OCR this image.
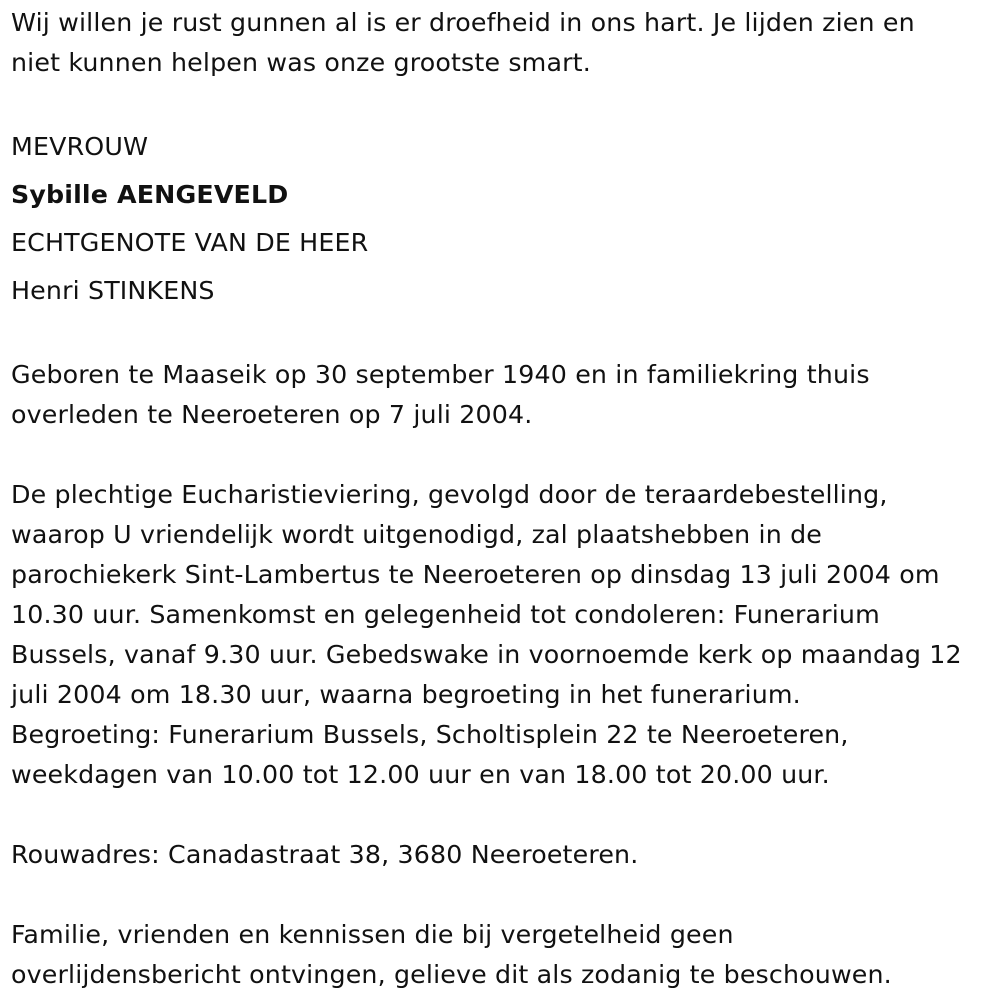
Wij willen je rust gunnen al is er droefheid in ons hart. Je lijden zien en

niet kunnen helpen was onze grootste smart.

MEVROUW

Sybille AENGEVELD

ECHTGENOTE VAN DE HEER

Henri STINKENS

Geboren te Maaseik op 30 september 1940 en in familiekring thuis

overleden te Neeroeteren op 7 juli 2004.

De plechtige Eucharistieviering, gevolgd door de teraardebestelling,

waarop U vriendelijk wordt uitgenodigd, zal plaatshebben in de

parochiekerk Sint-Lambertus te Neeroeteren op dinsdag 13 juli 2004 om

10.30 uur. Samenkomst en gelegenheid tot condoleren: Funerarium

Bussels, vanaf 9.30 uur. Gebedswake in voornoemde kerk op maandag 12

juli 2004 om 18.30 uur, waarna begroeting in het funerarium.

Begroeting: Funerarium Bussels, Scholtisplein 22 te Neeroeteren,

weekdagen van 10.00 tot 12.00 uur en van 18.00 tot 20.00 uur.

Rouwadres: Canadastraat 38, 3680 Neeroeteren.

Familie, vrienden en kennissen die bij vergetelheid geen

overlijdensbericht ontvingen, gelieve dit als zodanig te beschouwen.
